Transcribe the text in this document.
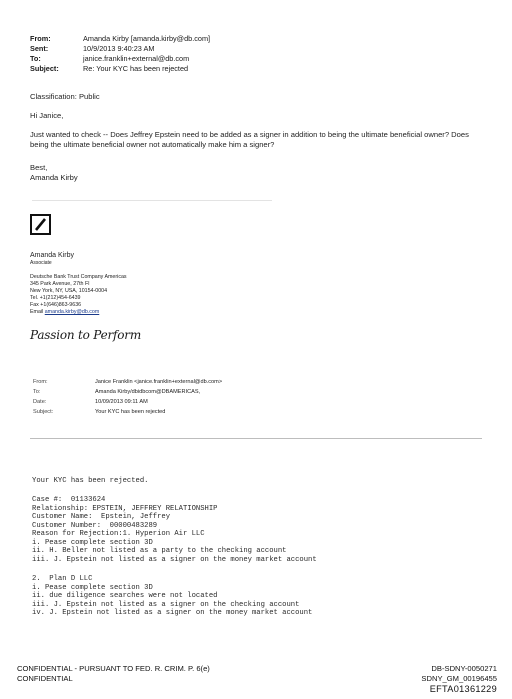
From:	Amanda Kirby [amanda.kirby@db.com]
Sent:	10/9/2013 9:40:23 AM
To:	janice.franklin+external@db.com
Subject:	Re: Your KYC has been rejected
Classification: Public
Hi Janice,
Just wanted to check -- Does Jeffrey Epstein need to be added as a signer in addition to being the ultimate beneficial owner? Does being the ultimate beneficial owner not automatically make him a signer?
Best,
Amanda Kirby
Amanda Kirby
Associate
Deutsche Bank Trust Company Americas
345 Park Avenue, 27th Fl
New York, NY, USA, 10154-0004
Tel. +1(212)454-6439
Fax +1(646)863-9636
Email amanda.kirby@db.com
Passion to Perform
From:	Janice Franklin <janice.franklin+external@db.com>
To:	Amanda Kirby/dbidbcom@DBAMERICAS,
Date:	10/09/2013 09:11 AM
Subject:	Your KYC has been rejected
Your KYC has been rejected.
Case #:  01133624
Relationship: EPSTEIN, JEFFREY RELATIONSHIP
Customer Name:  Epstein, Jeffrey
Customer Number:  00000483289
Reason for Rejection:1. Hyperion Air LLC
i. Pease complete section 3D
ii. H. Beller not listed as a party to the checking account
iii. J. Epstein not listed as a signer on the money market account
2.  Plan D LLC
i. Pease complete section 3D
ii. due diligence searches were not located
iii. J. Epstein not listed as a signer on the checking account
iv. J. Epstein not listed as a signer on the money market account
CONFIDENTIAL - PURSUANT TO FED. R. CRIM. P. 6(e)
CONFIDENTIAL
DB-SDNY-0050271
SDNY_GM_00196455
EFTA01361229
